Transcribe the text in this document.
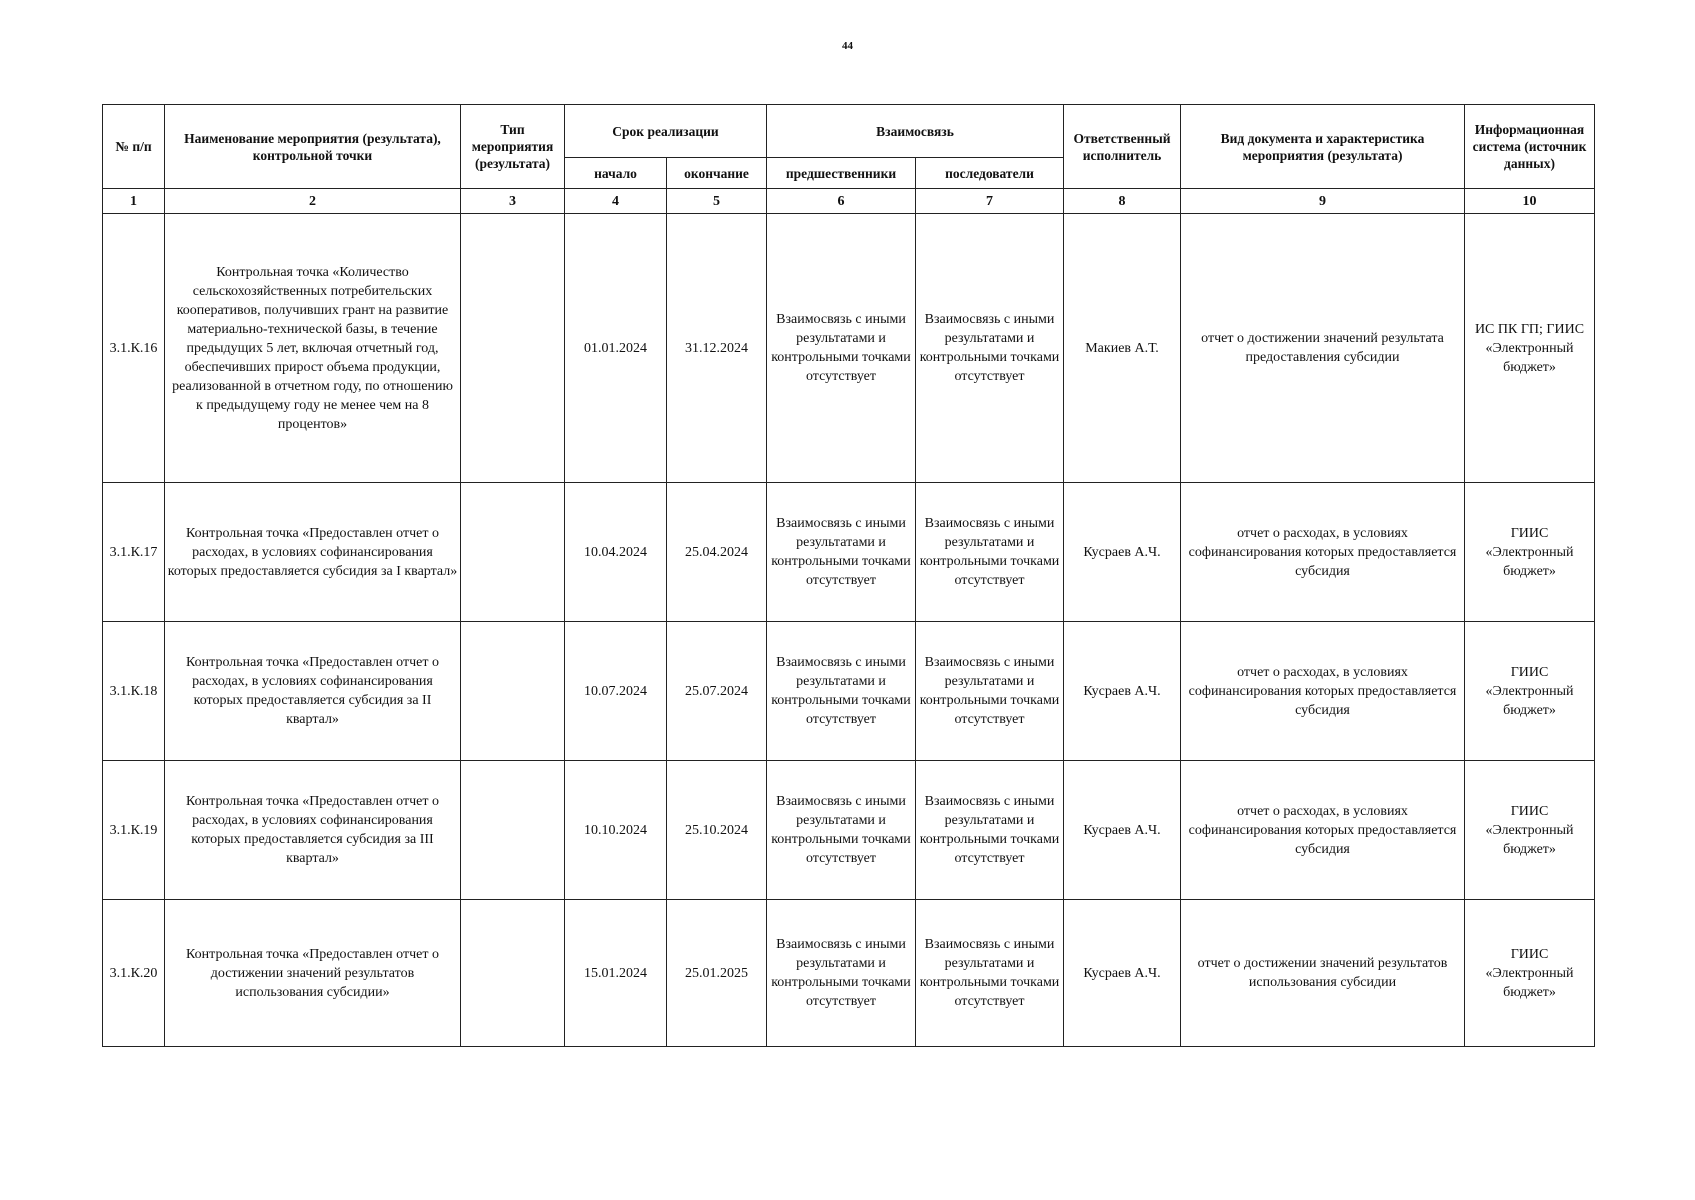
44
№ п/п	Наименование мероприятия (результата), контрольной точки	Тип мероприятия (результата)	Срок реализации		Взаимосвязь		Ответственный исполнитель	Вид документа и характеристика мероприятия (результата)	Информационная система (источник данных)
			начало	окончание	предшественники	последователи			
1	2	3	4	5	6	7	8	9	10
3.1.К.16	Контрольная точка «Количество сельскохозяйственных потребительских кооперативов, получивших грант на развитие материально-технической базы, в течение предыдущих 5 лет, включая отчетный год, обеспечивших прирост объема продукции, реализованной в отчетном году, по отношению к предыдущему году не менее чем на 8 процентов»		01.01.2024	31.12.2024	Взаимосвязь с иными результатами и контрольными точками отсутствует	Взаимосвязь с иными результатами и контрольными точками отсутствует	Макиев А.Т.	отчет о достижении значений результата предоставления субсидии	ИС ПК ГП; ГИИС «Электронный бюджет»
3.1.К.17	Контрольная точка «Предоставлен отчет о расходах, в условиях софинансирования которых предоставляется субсидия за I квартал»		10.04.2024	25.04.2024	Взаимосвязь с иными результатами и контрольными точками отсутствует	Взаимосвязь с иными результатами и контрольными точками отсутствует	Кусраев А.Ч.	отчет о расходах, в условиях софинансирования которых предоставляется субсидия	ГИИС «Электронный бюджет»
3.1.К.18	Контрольная точка «Предоставлен отчет о расходах, в условиях софинансирования которых предоставляется субсидия за II квартал»		10.07.2024	25.07.2024	Взаимосвязь с иными результатами и контрольными точками отсутствует	Взаимосвязь с иными результатами и контрольными точками отсутствует	Кусраев А.Ч.	отчет о расходах, в условиях софинансирования которых предоставляется субсидия	ГИИС «Электронный бюджет»
3.1.К.19	Контрольная точка «Предоставлен отчет о расходах, в условиях софинансирования которых предоставляется субсидия за III квартал»		10.10.2024	25.10.2024	Взаимосвязь с иными результатами и контрольными точками отсутствует	Взаимосвязь с иными результатами и контрольными точками отсутствует	Кусраев А.Ч.	отчет о расходах, в условиях софинансирования которых предоставляется субсидия	ГИИС «Электронный бюджет»
3.1.К.20	Контрольная точка «Предоставлен отчет о достижении значений результатов использования субсидии»		15.01.2024	25.01.2025	Взаимосвязь с иными результатами и контрольными точками отсутствует	Взаимосвязь с иными результатами и контрольными точками отсутствует	Кусраев А.Ч.	отчет о достижении значений результатов использования субсидии	ГИИС «Электронный бюджет»
